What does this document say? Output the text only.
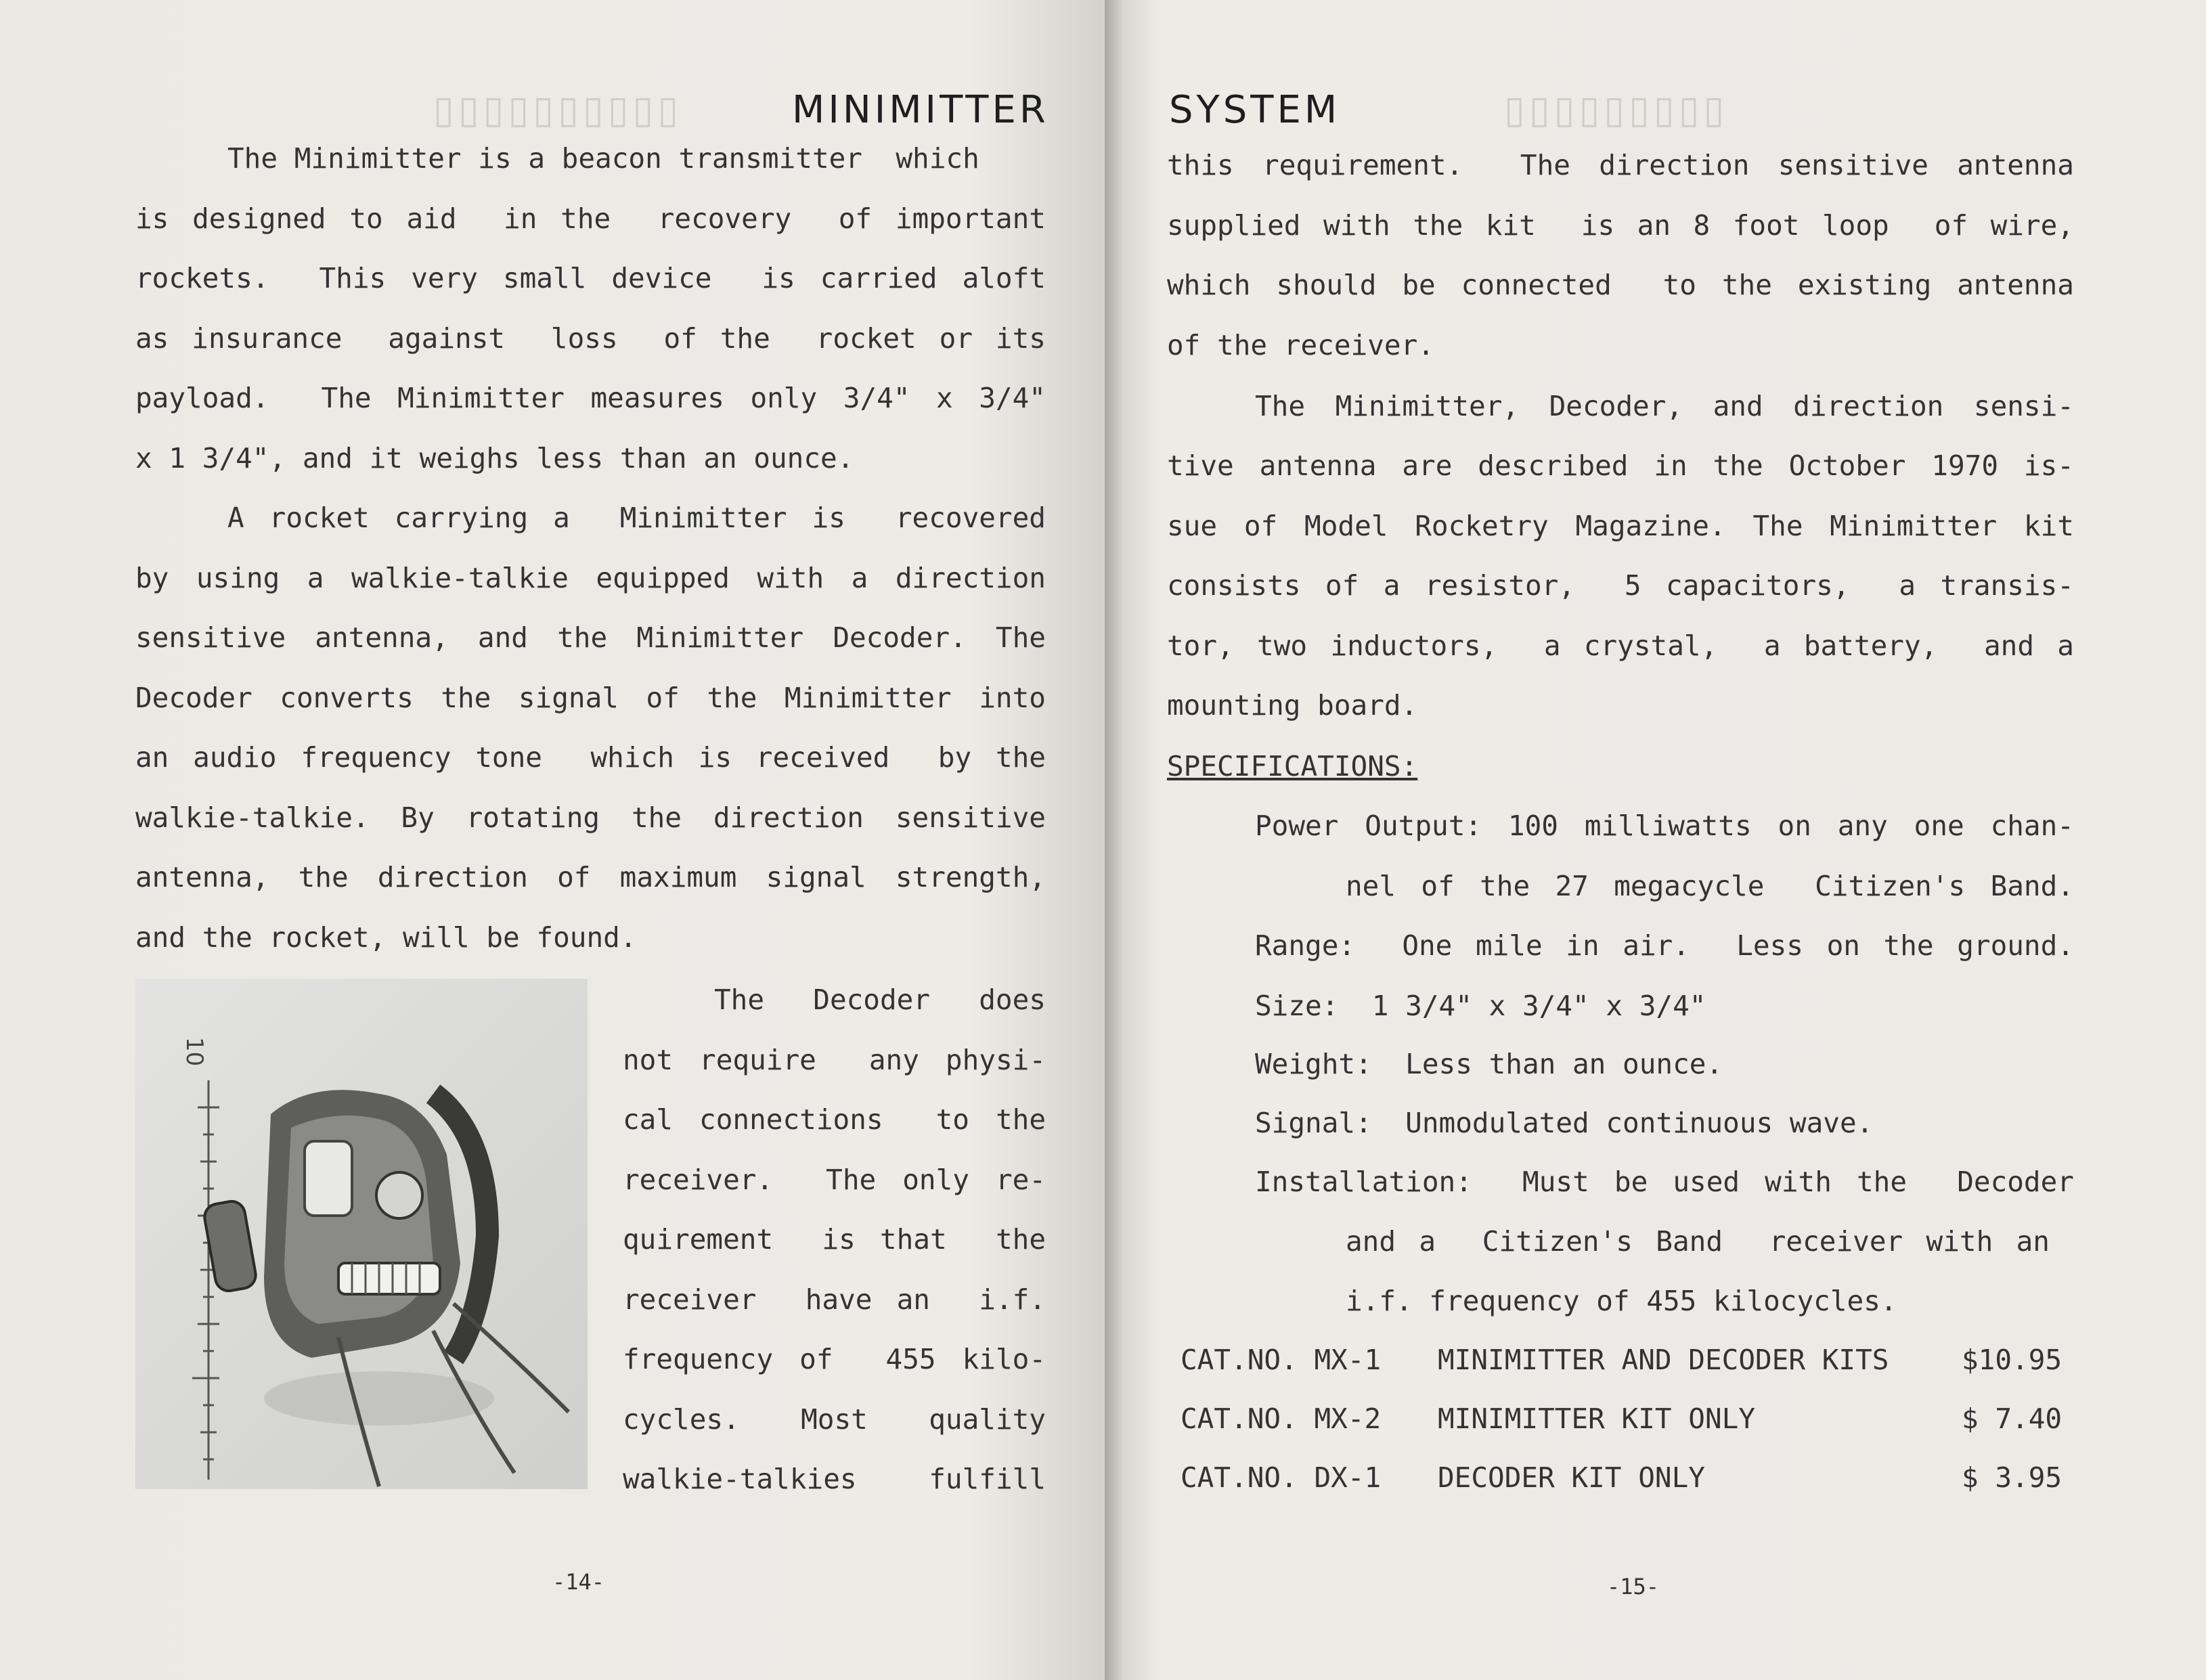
▯▯▯▯▯▯▯▯▯▯	MINIMITTER
The Minimitter is a beacon transmitter  which
is designed to aid  in the  recovery  of important
rockets.  This very small device  is carried aloft
as insurance  against  loss  of the  rocket or its
payload.  The Minimitter measures only 3/4" x 3/4"
x 1 3/4", and it weighs less than an ounce.
A rocket carrying a  Minimitter is  recovered
by using a walkie-talkie equipped with a direction
sensitive antenna, and the Minimitter Decoder. The
Decoder converts the signal of the Minimitter into
an audio frequency tone  which is received  by the
walkie-talkie. By rotating the direction sensitive
antenna, the direction of maximum signal strength,
and the rocket, will be found.
10
The  Decoder  does
not require  any physi-
cal connections  to the
receiver.  The only re-
quirement  is that  the
receiver  have an  i.f.
frequency of  455 kilo-
cycles.  Most  quality
walkie-talkies  fulfill
-14-
▯▯▯▯▯▯▯▯▯
SYSTEM
this requirement.  The direction sensitive antenna
supplied with the kit  is an 8 foot loop  of wire,
which should be connected  to the existing antenna
of the receiver.
The Minimitter, Decoder, and direction sensi-
tive antenna are described in the October 1970 is-
sue of Model Rocketry Magazine. The Minimitter kit
consists of a resistor,  5 capacitors,  a transis-
tor, two inductors,  a crystal,  a battery,  and a
mounting board.
SPECIFICATIONS:
Power Output: 100 milliwatts on any one chan-
nel of the 27 megacycle  Citizen's Band.
Range:  One mile in air.  Less on the ground.
Size:  1 3/4" x 3/4" x 3/4"
Weight:  Less than an ounce.
Signal:  Unmodulated continuous wave.
Installation:  Must be used with the  Decoder
and a  Citizen's Band  receiver with an
i.f. frequency of 455 kilocycles.
CAT.NO. MX-1 MINIMITTER AND DECODER KITS	$10.95
CAT.NO. MX-2 MINIMITTER KIT ONLY	$ 7.40
CAT.NO. DX-1 DECODER KIT ONLY	$ 3.95
-15-
